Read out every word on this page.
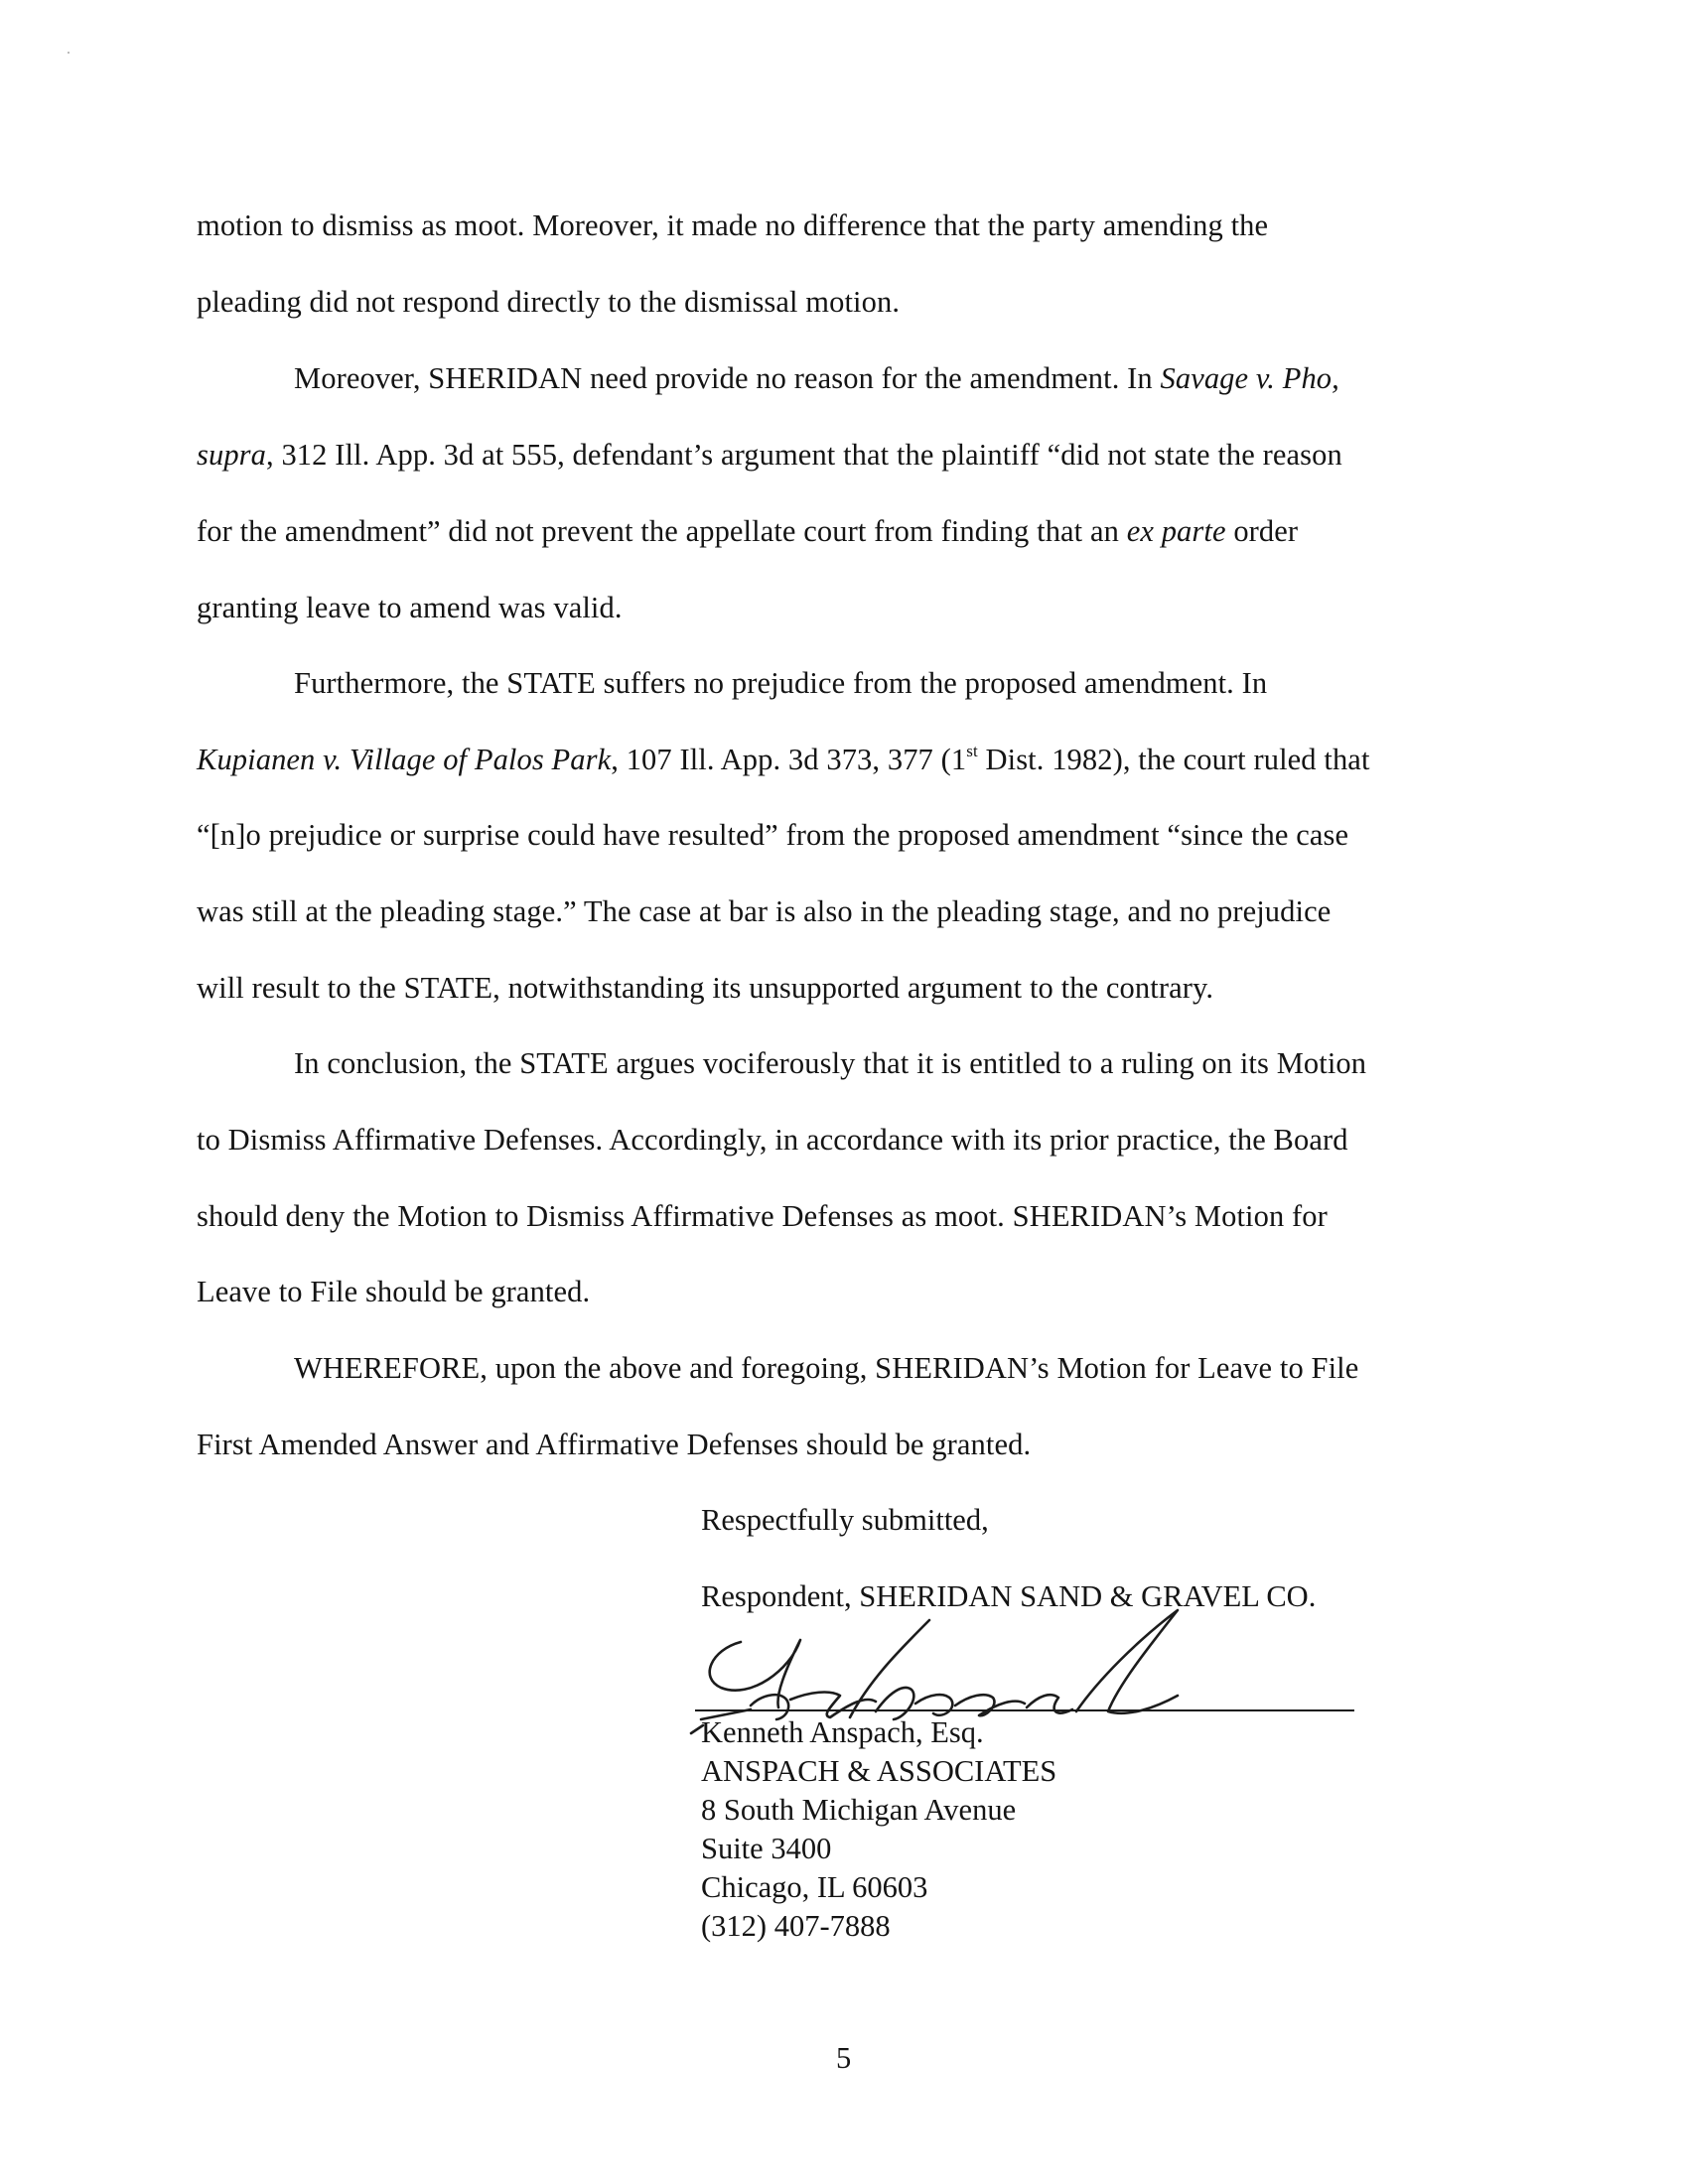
motion to dismiss as moot. Moreover, it made no difference that the party amending the
pleading did not respond directly to the dismissal motion.
Moreover, SHERIDAN need provide no reason for the amendment. In Savage v. Pho,
supra, 312 Ill. App. 3d at 555, defendant’s argument that the plaintiff “did not state the reason
for the amendment” did not prevent the appellate court from finding that an ex parte order
granting leave to amend was valid.
Furthermore, the STATE suffers no prejudice from the proposed amendment. In
Kupianen v. Village of Palos Park, 107 Ill. App. 3d 373, 377 (1st Dist. 1982), the court ruled that
“[n]o prejudice or surprise could have resulted” from the proposed amendment “since the case
was still at the pleading stage.” The case at bar is also in the pleading stage, and no prejudice
will result to the STATE, notwithstanding its unsupported argument to the contrary.
In conclusion, the STATE argues vociferously that it is entitled to a ruling on its Motion
to Dismiss Affirmative Defenses. Accordingly, in accordance with its prior practice, the Board
should deny the Motion to Dismiss Affirmative Defenses as moot. SHERIDAN’s Motion for
Leave to File should be granted.
WHEREFORE, upon the above and foregoing, SHERIDAN’s Motion for Leave to File
First Amended Answer and Affirmative Defenses should be granted.
Respectfully submitted,
Respondent, SHERIDAN SAND & GRAVEL CO.
Kenneth Anspach, Esq.
ANSPACH & ASSOCIATES
8 South Michigan Avenue
Suite 3400
Chicago, IL 60603
(312) 407-7888
5
